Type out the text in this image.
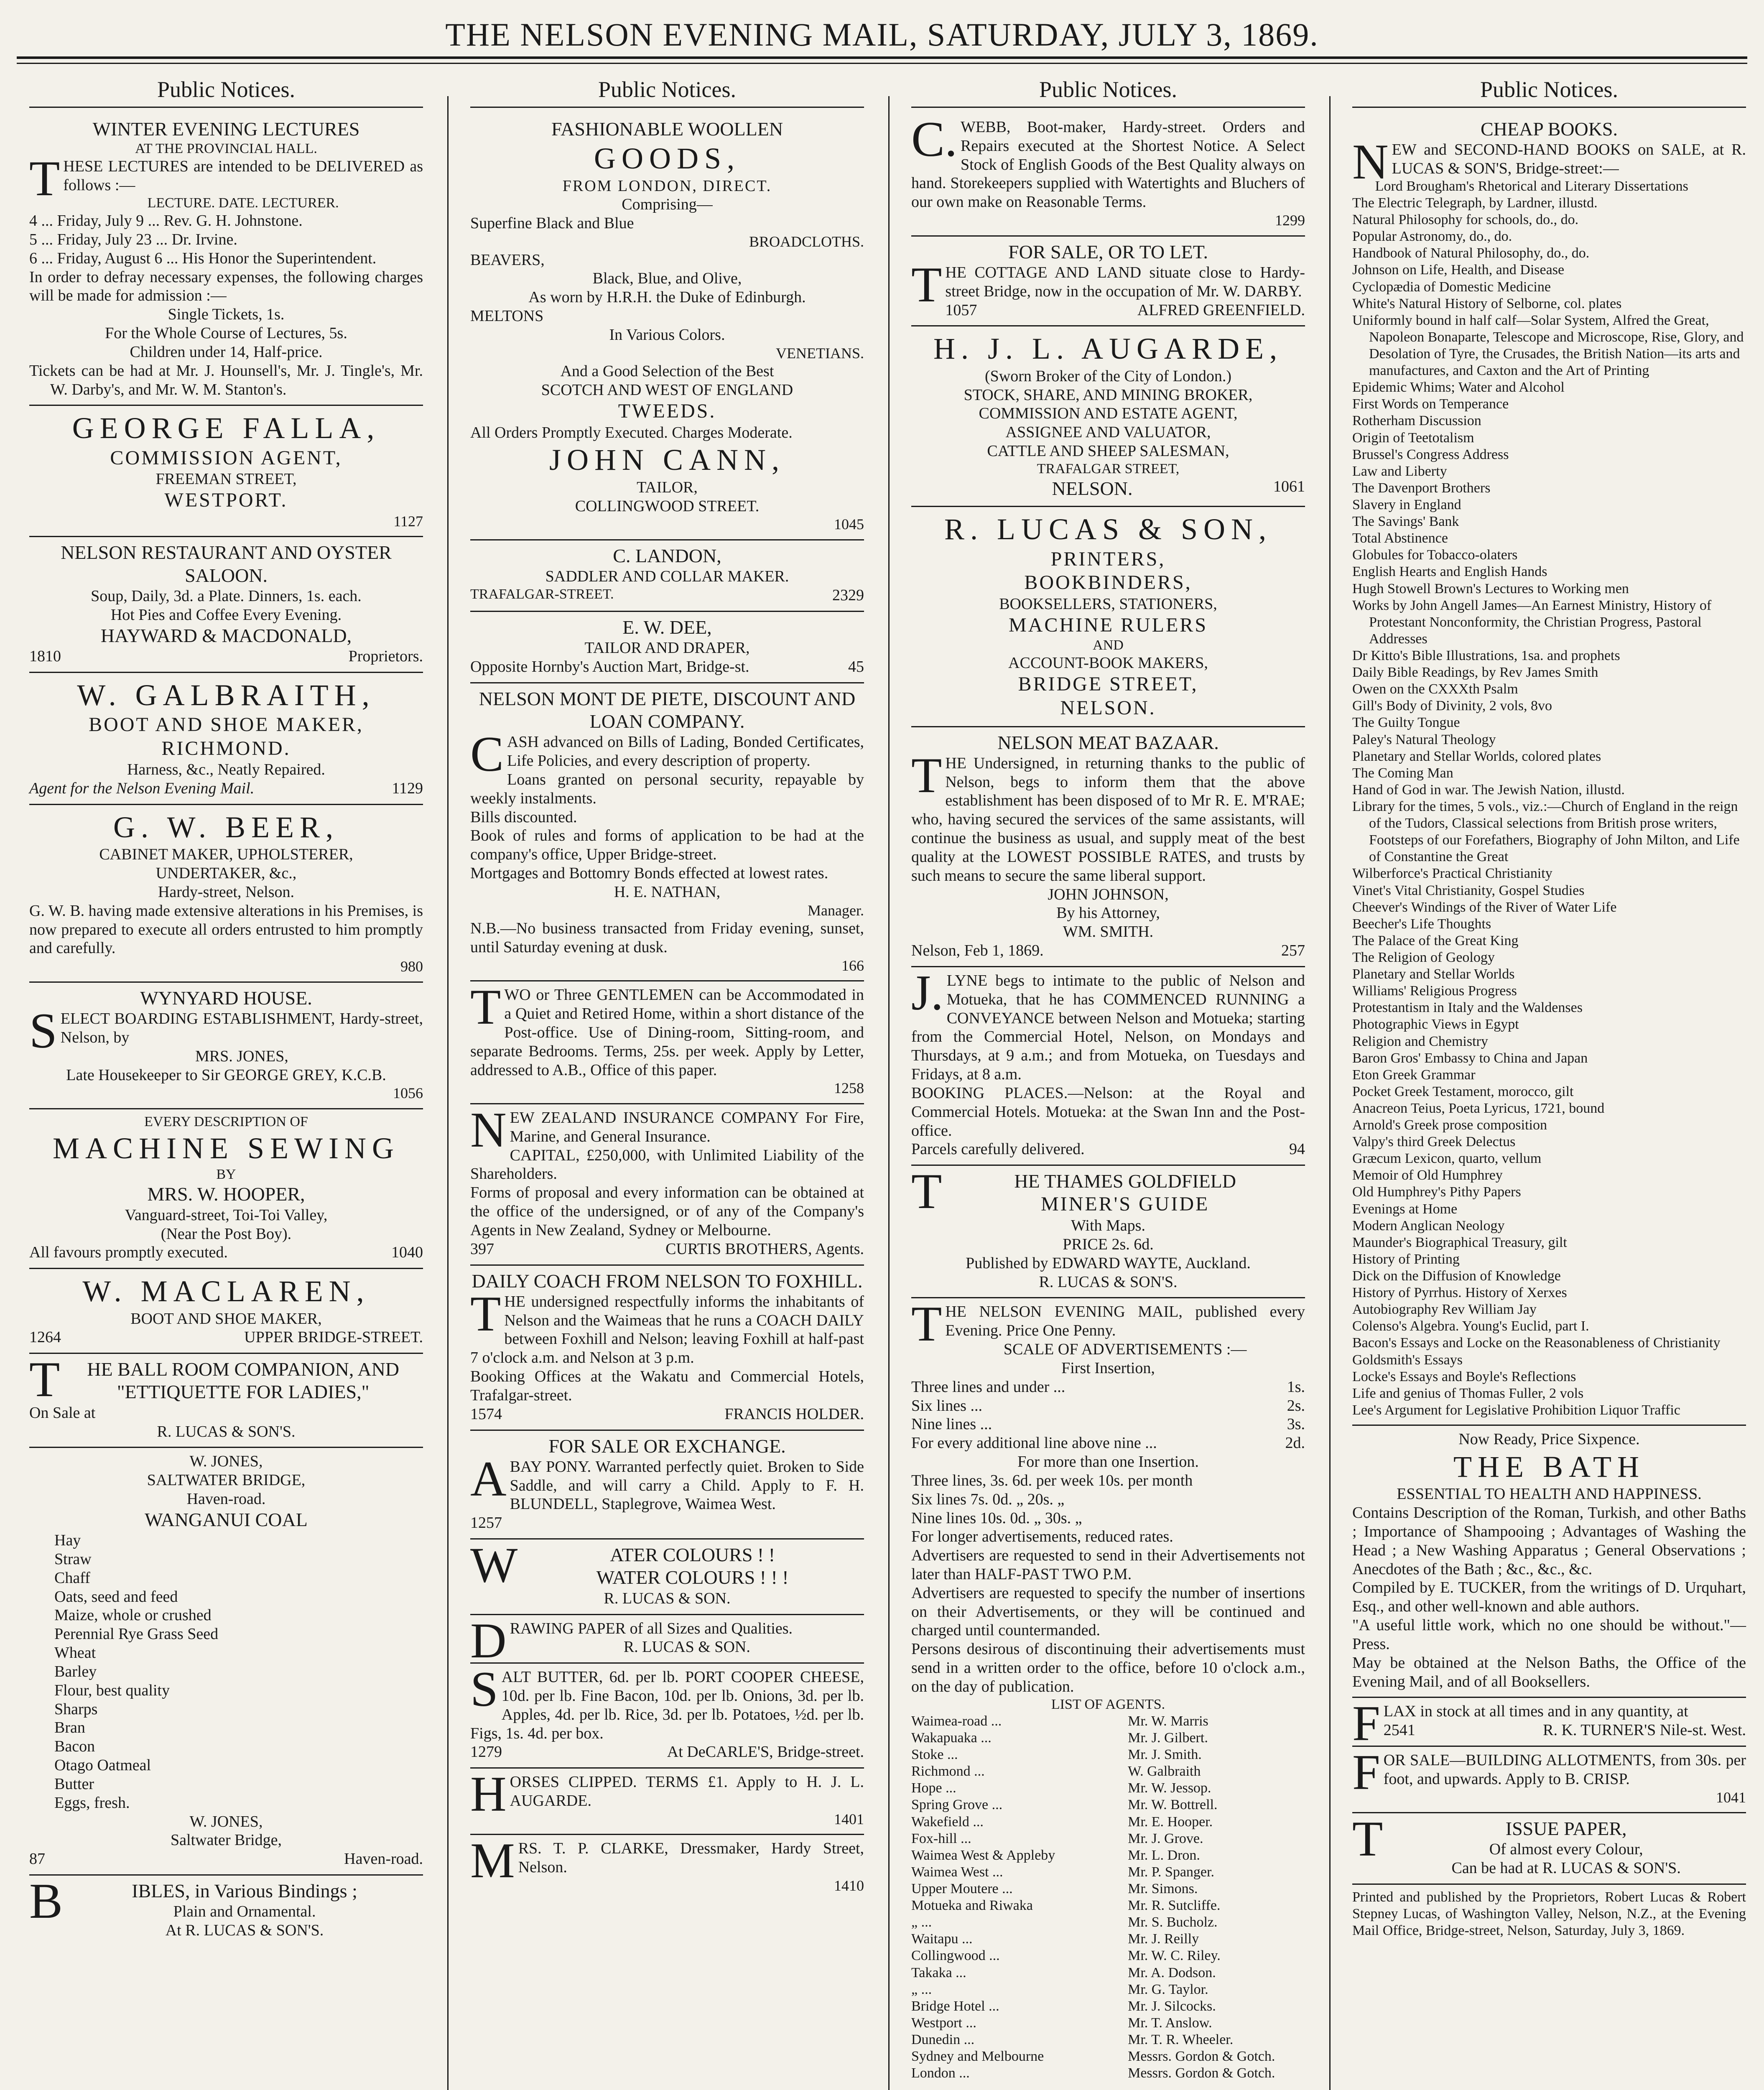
THE NELSON EVENING MAIL, SATURDAY, JULY 3, 1869.
Public Notices.
WINTER EVENING LECTURES
AT THE PROVINCIAL HALL.
THESE LECTURES are intended to be DELIVERED as follows :—
LECTURE. DATE. LECTURER.
4 ... Friday, July 9 ... Rev. G. H. Johnstone.
5 ... Friday, July 23 ... Dr. Irvine.
6 ... Friday, August 6 ... His Honor the Superintendent.
In order to defray necessary expenses, the following charges will be made for admission :—
Single Tickets, 1s.
For the Whole Course of Lectures, 5s.
Children under 14, Half-price.
Tickets can be had at Mr. J. Hounsell's, Mr. J. Tingle's, Mr. W. Darby's, and Mr. W. M. Stanton's.
GEORGE FALLA,
COMMISSION AGENT,
FREEMAN STREET,
WESTPORT.
1127
NELSON RESTAURANT AND OYSTER SALOON.
Soup, Daily, 3d. a Plate. Dinners, 1s. each.
Hot Pies and Coffee Every Evening.
HAYWARD & MACDONALD,
1810	Proprietors.
W. GALBRAITH,
BOOT AND SHOE MAKER,
RICHMOND.
Harness, &c., Neatly Repaired.
Agent for the Nelson Evening Mail.	1129
G. W. BEER,
CABINET MAKER, UPHOLSTERER,
UNDERTAKER, &c.,
Hardy-street, Nelson.
G. W. B. having made extensive alterations in his Premises, is now prepared to execute all orders entrusted to him promptly and carefully.
980
WYNYARD HOUSE.
SELECT BOARDING ESTABLISHMENT, Hardy-street, Nelson, by
MRS. JONES,
Late Housekeeper to Sir GEORGE GREY, K.C.B.
1056
EVERY DESCRIPTION OF
MACHINE SEWING
BY
MRS. W. HOOPER,
Vanguard-street, Toi-Toi Valley,
(Near the Post Boy).
All favours promptly executed.	1040
W. MACLAREN,
BOOT AND SHOE MAKER,
1264	UPPER BRIDGE-STREET.
THE BALL ROOM COMPANION, AND "ETTIQUETTE FOR LADIES,"
On Sale at
R. LUCAS & SON'S.
W. JONES,
SALTWATER BRIDGE,
Haven-road.
WANGANUI COAL
Hay
Straw
Chaff
Oats, seed and feed
Maize, whole or crushed
Perennial Rye Grass Seed
Wheat
Barley
Flour, best quality
Sharps
Bran
Bacon
Otago Oatmeal
Butter
Eggs, fresh.
W. JONES,
Saltwater Bridge,
87	Haven-road.
BIBLES, in Various Bindings ;
Plain and Ornamental.
At R. LUCAS & SON'S.
Public Notices.
FASHIONABLE WOOLLEN
GOODS,
FROM LONDON, DIRECT.
Comprising—
Superfine Black and Blue
BROADCLOTHS.
BEAVERS,
Black, Blue, and Olive,
As worn by H.R.H. the Duke of Edinburgh.
MELTONS
In Various Colors.
VENETIANS.
And a Good Selection of the Best
SCOTCH AND WEST OF ENGLAND
TWEEDS.
All Orders Promptly Executed. Charges Moderate.
JOHN CANN,
TAILOR,
COLLINGWOOD STREET.
1045
C. LANDON,
SADDLER AND COLLAR MAKER.
TRAFALGAR-STREET.	2329
E. W. DEE,
TAILOR AND DRAPER,
Opposite Hornby's Auction Mart, Bridge-st.	45
NELSON MONT DE PIETE, DISCOUNT AND LOAN COMPANY.
CASH advanced on Bills of Lading, Bonded Certificates, Life Policies, and every description of property.
Loans granted on personal security, repayable by weekly instalments.
Bills discounted.
Book of rules and forms of application to be had at the company's office, Upper Bridge-street.
Mortgages and Bottomry Bonds effected at lowest rates.
H. E. NATHAN,
Manager.
N.B.—No business transacted from Friday evening, sunset, until Saturday evening at dusk.
166
TWO or Three GENTLEMEN can be Accommodated in a Quiet and Retired Home, within a short distance of the Post-office. Use of Dining-room, Sitting-room, and separate Bedrooms. Terms, 25s. per week. Apply by Letter, addressed to A.B., Office of this paper.
1258
NEW ZEALAND INSURANCE COMPANY For Fire, Marine, and General Insurance.
CAPITAL, £250,000, with Unlimited Liability of the Shareholders.
Forms of proposal and every information can be obtained at the office of the undersigned, or of any of the Company's Agents in New Zealand, Sydney or Melbourne.
397	CURTIS BROTHERS, Agents.
DAILY COACH FROM NELSON TO FOXHILL.
THE undersigned respectfully informs the inhabitants of Nelson and the Waimeas that he runs a COACH DAILY between Foxhill and Nelson; leaving Foxhill at half-past 7 o'clock a.m. and Nelson at 3 p.m.
Booking Offices at the Wakatu and Commercial Hotels, Trafalgar-street.
1574	FRANCIS HOLDER.
FOR SALE OR EXCHANGE.
ABAY PONY. Warranted perfectly quiet. Broken to Side Saddle, and will carry a Child. Apply to F. H. BLUNDELL, Staplegrove, Waimea West.
1257
WATER COLOURS ! !
WATER COLOURS ! ! !
R. LUCAS & SON.
DRAWING PAPER of all Sizes and Qualities.
R. LUCAS & SON.
SALT BUTTER, 6d. per lb. PORT COOPER CHEESE, 10d. per lb. Fine Bacon, 10d. per lb. Onions, 3d. per lb. Apples, 4d. per lb. Rice, 3d. per lb. Potatoes, ½d. per lb. Figs, 1s. 4d. per box.
1279	At DeCARLE'S, Bridge-street.
HORSES CLIPPED. TERMS £1. Apply to H. J. L. AUGARDE.
1401
MRS. T. P. CLARKE, Dressmaker, Hardy Street, Nelson.
1410
Public Notices.
C.WEBB, Boot-maker, Hardy-street. Orders and Repairs executed at the Shortest Notice. A Select Stock of English Goods of the Best Quality always on hand. Storekeepers supplied with Watertights and Bluchers of our own make on Reasonable Terms.
1299
FOR SALE, OR TO LET.
THE COTTAGE AND LAND situate close to Hardy-street Bridge, now in the occupation of Mr. W. DARBY.
1057	ALFRED GREENFIELD.
H. J. L. AUGARDE,
(Sworn Broker of the City of London.)
STOCK, SHARE, AND MINING BROKER,
COMMISSION AND ESTATE AGENT,
ASSIGNEE AND VALUATOR,
CATTLE AND SHEEP SALESMAN,
TRAFALGAR STREET,
NELSON.	1061
R. LUCAS & SON,
PRINTERS,
BOOKBINDERS,
BOOKSELLERS, STATIONERS,
MACHINE RULERS
AND
ACCOUNT-BOOK MAKERS,
BRIDGE STREET,
NELSON.
NELSON MEAT BAZAAR.
THE Undersigned, in returning thanks to the public of Nelson, begs to inform them that the above establishment has been disposed of to Mr R. E. M'RAE; who, having secured the services of the same assistants, will continue the business as usual, and supply meat of the best quality at the LOWEST POSSIBLE RATES, and trusts by such means to secure the same liberal support.
JOHN JOHNSON,
By his Attorney,
WM. SMITH.
Nelson, Feb 1, 1869.	257
J.LYNE begs to intimate to the public of Nelson and Motueka, that he has COMMENCED RUNNING a CONVEYANCE between Nelson and Motueka; starting from the Commercial Hotel, Nelson, on Mondays and Thursdays, at 9 a.m.; and from Motueka, on Tuesdays and Fridays, at 8 a.m.
BOOKING PLACES.—Nelson: at the Royal and Commercial Hotels. Motueka: at the Swan Inn and the Post-office.
Parcels carefully delivered.	94
THE THAMES GOLDFIELD
MINER'S GUIDE
With Maps.
PRICE 2s. 6d.
Published by EDWARD WAYTE, Auckland.
R. LUCAS & SON'S.
THE NELSON EVENING MAIL, published every Evening. Price One Penny.
SCALE OF ADVERTISEMENTS :—
First Insertion,
Three lines and under ...	1s.
Six lines ...	2s.
Nine lines ...	3s.
For every additional line above nine ...	2d.
For more than one Insertion.
Three lines, 3s. 6d. per week 10s. per month
Six lines 7s. 0d. „ 20s. „
Nine lines 10s. 0d. „ 30s. „
For longer advertisements, reduced rates.
Advertisers are requested to send in their Advertisements not later than HALF-PAST TWO P.M.
Advertisers are requested to specify the number of insertions on their Advertisements, or they will be continued and charged until countermanded.
Persons desirous of discontinuing their advertisements must send in a written order to the office, before 10 o'clock a.m., on the day of publication.
LIST OF AGENTS.
Waimea-road ...	Mr. W. Marris
Wakapuaka ...	Mr. J. Gilbert.
Stoke ...	Mr. J. Smith.
Richmond ...	W. Galbraith
Hope ...	Mr. W. Jessop.
Spring Grove ...	Mr. W. Bottrell.
Wakefield ...	Mr. E. Hooper.
Fox-hill ...	Mr. J. Grove.
Waimea West & Appleby	Mr. L. Dron.
Waimea West ...	Mr. P. Spanger.
Upper Moutere ...	Mr. Simons.
Motueka and Riwaka	Mr. R. Sutcliffe.
„ ...	Mr. S. Bucholz.
Waitapu ...	Mr. J. Reilly
Collingwood ...	Mr. W. C. Riley.
Takaka ...	Mr. A. Dodson.
„ ...	Mr. G. Taylor.
Bridge Hotel ...	Mr. J. Silcocks.
Westport ...	Mr. T. Anslow.
Dunedin ...	Mr. T. R. Wheeler.
Sydney and Melbourne	Messrs. Gordon & Gotch.
London ...	Messrs. Gordon & Gotch.
Public Notices.
CHEAP BOOKS.
NEW and SECOND-HAND BOOKS on SALE, at R. LUCAS & SON'S, Bridge-street:—
Lord Brougham's Rhetorical and Literary Dissertations
The Electric Telegraph, by Lardner, illustd.
Natural Philosophy for schools, do., do.
Popular Astronomy, do., do.
Handbook of Natural Philosophy, do., do.
Johnson on Life, Health, and Disease
Cyclopædia of Domestic Medicine
White's Natural History of Selborne, col. plates
Uniformly bound in half calf—Solar System, Alfred the Great, Napoleon Bonaparte, Telescope and Microscope, Rise, Glory, and Desolation of Tyre, the Crusades, the British Nation—its arts and manufactures, and Caxton and the Art of Printing
Epidemic Whims; Water and Alcohol
First Words on Temperance
Rotherham Discussion
Origin of Teetotalism
Brussel's Congress Address
Law and Liberty
The Davenport Brothers
Slavery in England
The Savings' Bank
Total Abstinence
Globules for Tobacco-olaters
English Hearts and English Hands
Hugh Stowell Brown's Lectures to Working men
Works by John Angell James—An Earnest Ministry, History of Protestant Nonconformity, the Christian Progress, Pastoral Addresses
Dr Kitto's Bible Illustrations, 1sa. and prophets
Daily Bible Readings, by Rev James Smith
Owen on the CXXXth Psalm
Gill's Body of Divinity, 2 vols, 8vo
The Guilty Tongue
Paley's Natural Theology
Planetary and Stellar Worlds, colored plates
The Coming Man
Hand of God in war. The Jewish Nation, illustd.
Library for the times, 5 vols., viz.:—Church of England in the reign of the Tudors, Classical selections from British prose writers, Footsteps of our Forefathers, Biography of John Milton, and Life of Constantine the Great
Wilberforce's Practical Christianity
Vinet's Vital Christianity, Gospel Studies
Cheever's Windings of the River of Water Life
Beecher's Life Thoughts
The Palace of the Great King
The Religion of Geology
Planetary and Stellar Worlds
Williams' Religious Progress
Protestantism in Italy and the Waldenses
Photographic Views in Egypt
Religion and Chemistry
Baron Gros' Embassy to China and Japan
Eton Greek Grammar
Pocket Greek Testament, morocco, gilt
Anacreon Teius, Poeta Lyricus, 1721, bound
Arnold's Greek prose composition
Valpy's third Greek Delectus
Græcum Lexicon, quarto, vellum
Memoir of Old Humphrey
Old Humphrey's Pithy Papers
Evenings at Home
Modern Anglican Neology
Maunder's Biographical Treasury, gilt
History of Printing
Dick on the Diffusion of Knowledge
History of Pyrrhus. History of Xerxes
Autobiography Rev William Jay
Colenso's Algebra. Young's Euclid, part I.
Bacon's Essays and Locke on the Reasonableness of Christianity
Goldsmith's Essays
Locke's Essays and Boyle's Reflections
Life and genius of Thomas Fuller, 2 vols
Lee's Argument for Legislative Prohibition Liquor Traffic
Now Ready, Price Sixpence.
THE BATH
ESSENTIAL TO HEALTH AND HAPPINESS.
Contains Description of the Roman, Turkish, and other Baths ; Importance of Shampooing ; Advantages of Washing the Head ; a New Washing Apparatus ; General Observations ; Anecdotes of the Bath ; &c., &c., &c.
Compiled by E. TUCKER, from the writings of D. Urquhart, Esq., and other well-known and able authors.
"A useful little work, which no one should be without."—Press.
May be obtained at the Nelson Baths, the Office of the Evening Mail, and of all Booksellers.
FLAX in stock at all times and in any quantity, at
2541	R. K. TURNER'S Nile-st. West.
FOR SALE—BUILDING ALLOTMENTS, from 30s. per foot, and upwards. Apply to B. CRISP.
1041
TISSUE PAPER,
Of almost every Colour,
Can be had at R. LUCAS & SON'S.
Printed and published by the Proprietors, Robert Lucas & Robert Stepney Lucas, of Washington Valley, Nelson, N.Z., at the Evening Mail Office, Bridge-street, Nelson, Saturday, July 3, 1869.
